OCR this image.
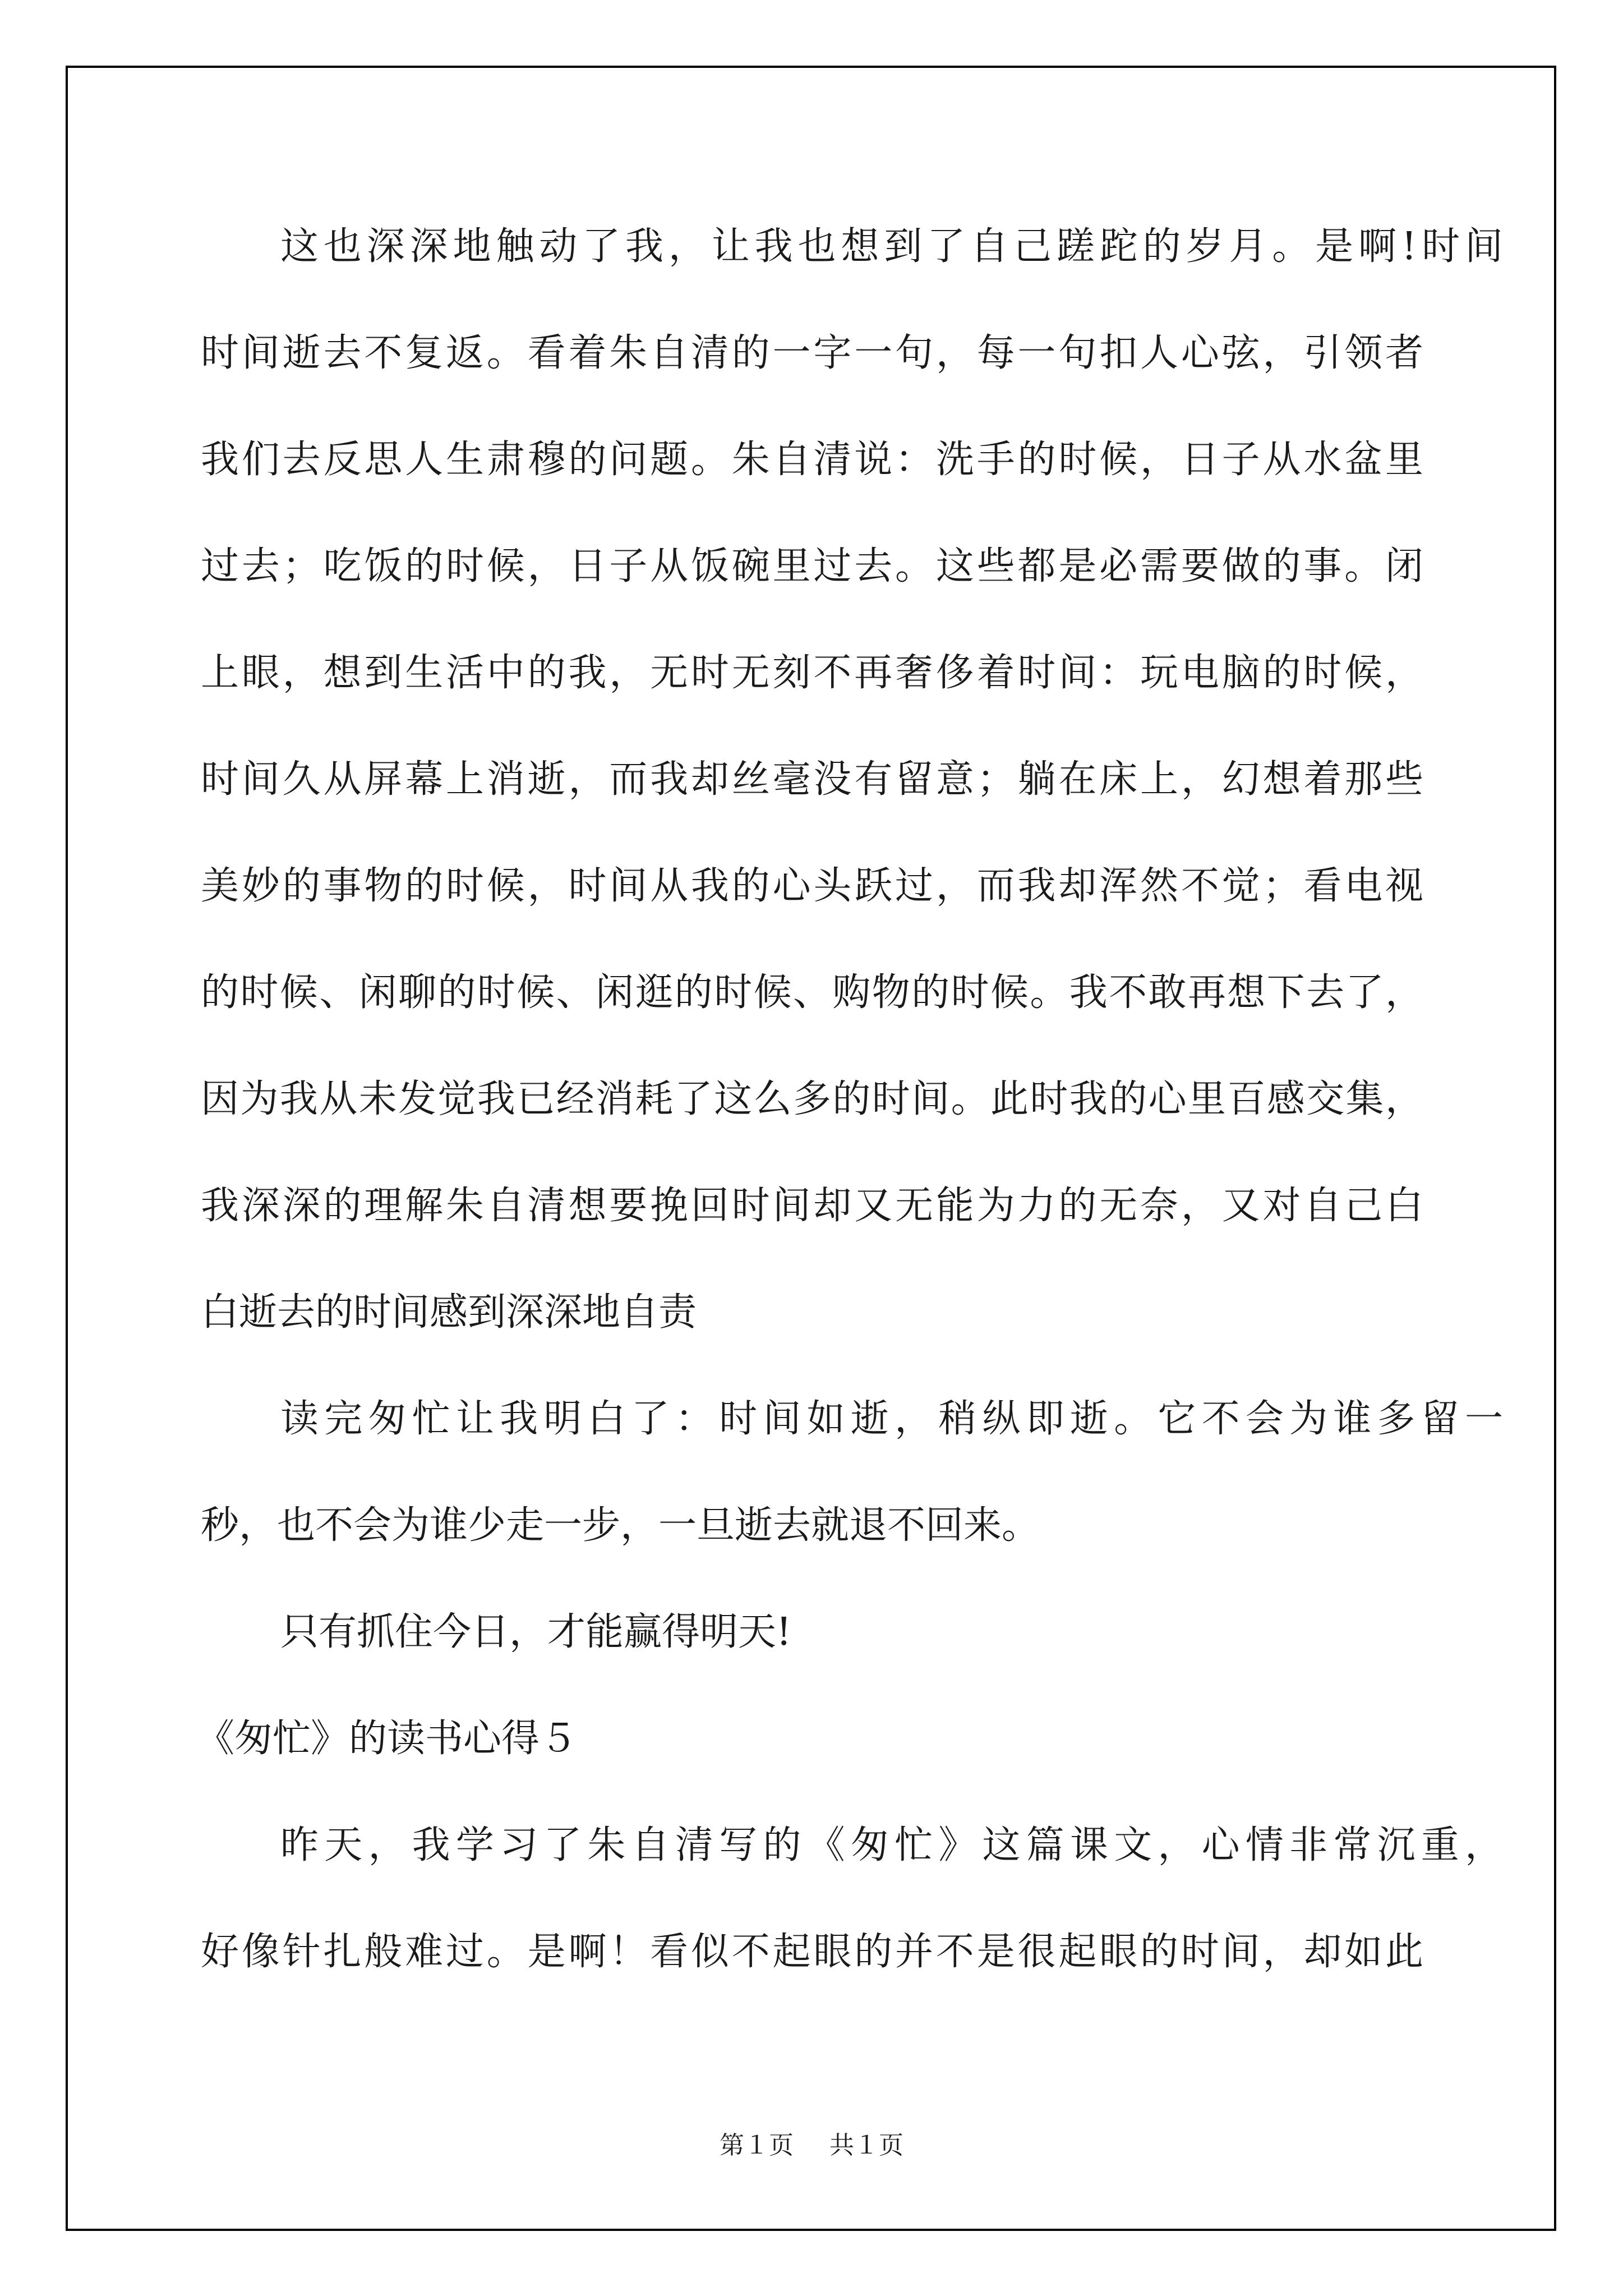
这也深深地触动了我，让我也想到了自己蹉跎的岁月。是啊!时间
时间逝去不复返。看着朱自清的一字一句，每一句扣人心弦，引领者
我们去反思人生肃穆的问题。朱自清说：洗手的时候，日子从水盆里
过去；吃饭的时候，日子从饭碗里过去。这些都是必需要做的事。闭
上眼，想到生活中的我，无时无刻不再奢侈着时间：玩电脑的时候，
时间久从屏幕上消逝，而我却丝毫没有留意；躺在床上，幻想着那些
美妙的事物的时候，时间从我的心头跃过，而我却浑然不觉；看电视
的时候、闲聊的时候、闲逛的时候、购物的时候。我不敢再想下去了，
因为我从未发觉我已经消耗了这么多的时间。此时我的心里百感交集，
我深深的理解朱自清想要挽回时间却又无能为力的无奈，又对自己白
白逝去的时间感到深深地自责
读完匆忙让我明白了：时间如逝，稍纵即逝。它不会为谁多留一
秒，也不会为谁少走一步，一旦逝去就退不回来。
只有抓住今日，才能赢得明天!
《匆忙》的读书心得５
昨天，我学习了朱自清写的《匆忙》这篇课文，心情非常沉重，
好像针扎般难过。是啊！看似不起眼的并不是很起眼的时间，却如此
第１页 共１页
